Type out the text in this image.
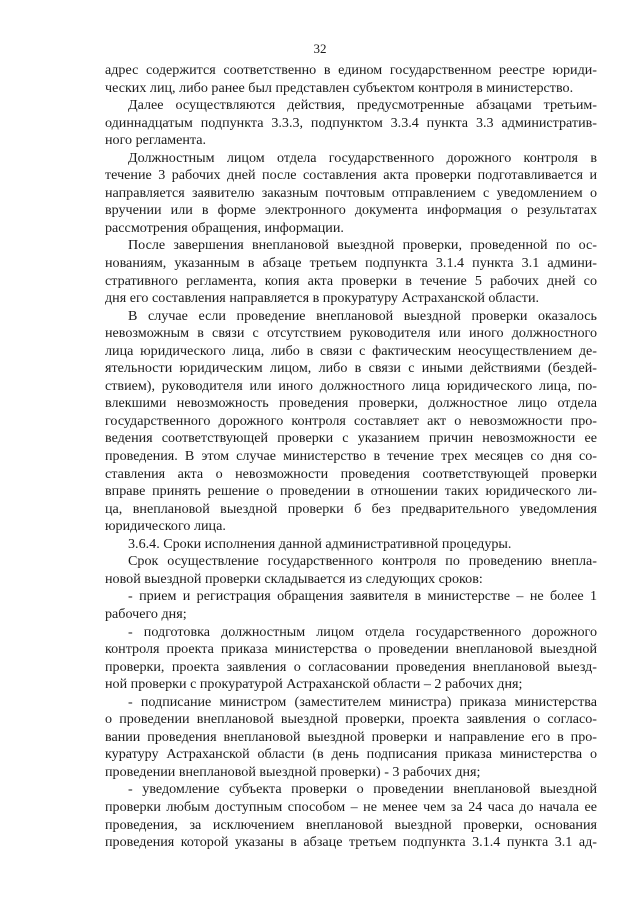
32
адрес содержится соответственно в едином государственном реестре юриди-
ческих лиц, либо ранее был представлен субъектом контроля в министерство.
Далее осуществляются действия, предусмотренные абзацами третьим-
одиннадцатым подпункта 3.3.3, подпунктом 3.3.4 пункта 3.3 административ-
ного регламента.
Должностным лицом отдела государственного дорожного контроля в
течение 3 рабочих дней после составления акта проверки подготавливается и
направляется заявителю заказным почтовым отправлением с уведомлением о
вручении или в форме электронного документа информация о результатах
рассмотрения обращения, информации.
После завершения внеплановой выездной проверки, проведенной по ос-
нованиям, указанным в абзаце третьем подпункта 3.1.4 пункта 3.1 админи-
стративного регламента, копия акта проверки в течение 5 рабочих дней со
дня его составления направляется в прокуратуру Астраханской области.
В случае если проведение внеплановой выездной проверки оказалось
невозможным в связи с отсутствием руководителя или иного должностного
лица юридического лица, либо в связи с фактическим неосуществлением де-
ятельности юридическим лицом, либо в связи с иными действиями (бездей-
ствием), руководителя или иного должностного лица юридического лица, по-
влекшими невозможность проведения проверки, должностное лицо отдела
государственного дорожного контроля составляет акт о невозможности про-
ведения соответствующей проверки с указанием причин невозможности ее
проведения. В этом случае министерство в течение трех месяцев со дня со-
ставления акта о невозможности проведения соответствующей проверки
вправе принять решение о проведении в отношении таких юридического ли-
ца, внеплановой выездной проверки б без предварительного уведомления
юридического лица.
3.6.4. Сроки исполнения данной административной процедуры.
Срок осуществление государственного контроля по проведению внепла-
новой выездной проверки складывается из следующих сроков:
- прием и регистрация обращения заявителя в министерстве – не более 1
рабочего дня;
- подготовка должностным лицом отдела государственного дорожного
контроля проекта приказа министерства о проведении внеплановой выездной
проверки, проекта заявления о согласовании проведения внеплановой выезд-
ной проверки с прокуратурой Астраханской области – 2 рабочих дня;
- подписание министром (заместителем министра) приказа министерства
о проведении внеплановой выездной проверки, проекта заявления о согласо-
вании проведения внеплановой выездной проверки и направление его в про-
куратуру Астраханской области (в день подписания приказа министерства о
проведении внеплановой выездной проверки) - 3 рабочих дня;
- уведомление субъекта проверки о проведении внеплановой выездной
проверки любым доступным способом – не менее чем за 24 часа до начала ее
проведения, за исключением внеплановой выездной проверки, основания
проведения которой указаны в абзаце третьем подпункта 3.1.4 пункта 3.1 ад-
